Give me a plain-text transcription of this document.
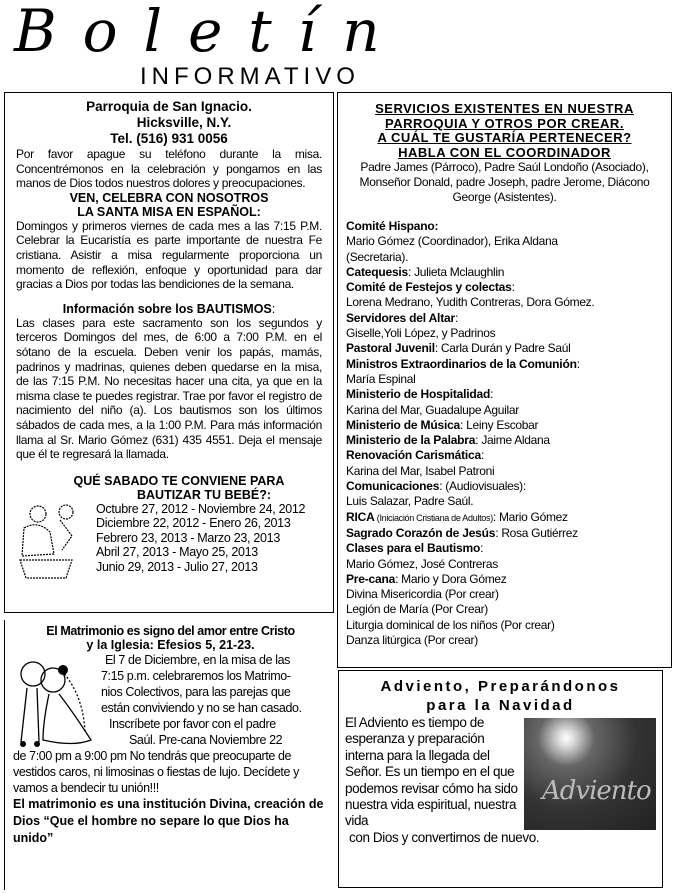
Boletín
INFORMATIVO
Parroquia de San Ignacio.
Hicksville, N.Y.
Tel. (516) 931 0056
Por favor apague su teléfono durante la misa. Concentrémonos en la celebración y pongamos en las manos de Dios todos nuestros dolores y preocupaciones.
VEN, CELEBRA CON NOSOTROS
LA SANTA MISA EN ESPAÑOL:
Domingos y primeros viernes de cada mes a las 7:15 P.M. Celebrar la Eucaristía es parte importante de nuestra Fe cristiana. Asistir a misa regularmente proporciona un momento de reflexión, enfoque y oportunidad para dar gracias a Dios por todas las bendiciones de la semana.
Información sobre los BAUTISMOS:
Las clases para este sacramento son los segundos y terceros Domingos del mes, de 6:00 a 7:00 P.M. en el sótano de la escuela. Deben venir los papás, mamás, padrinos y madrinas, quienes deben quedarse en la misa, de las 7:15 P.M. No necesitas hacer una cita, ya que en la misma clase te puedes registrar. Trae por favor el registro de nacimiento del niño (a). Los bautismos son los últimos sábados de cada mes, a la 1:00 P.M. Para más información llama al Sr. Mario Gómez (631) 435 4551. Deja el mensaje que él te regresará la llamada.
QUÉ SABADO TE CONVIENE PARA
BAUTIZAR TU BEBÉ?:
Octubre 27, 2012 - Noviembre 24, 2012
Diciembre 22, 2012 - Enero 26, 2013
Febrero 23, 2013 - Marzo 23, 2013
Abril 27, 2013 - Mayo 25, 2013
Junio 29, 2013 - Julio 27, 2013
El Matrimonio es signo del amor entre Cristo
y la Iglesia: Efesios 5, 21-23.
El 7 de Diciembre, en la misa de las
7:15 p.m. celebraremos los Matrimo-
nios Colectivos, para las parejas que
están conviviendo y no se han casado.
Inscríbete por favor con el padre
Saúl. Pre-cana Noviembre 22
de 7:00 pm a 9:00 pm No tendrás que preocuparte de vestidos caros, ni limosinas o fiestas de lujo. Decídete y vamos a bendecir tu unión!!!
El matrimonio es una institución Divina, creación de Dios “Que el hombre no separe lo que Dios ha unido”
SERVICIOS EXISTENTES EN NUESTRA
PARROQUIA Y OTROS POR CREAR.
A CUÁL TE GUSTARÍA PERTENECER?
HABLA CON EL COORDINADOR
Padre James (Párroco), Padre Saúl Londoño (Asociado), Monseñor Donald, padre Joseph, padre Jerome, Diácono George (Asistentes).
Comité Hispano:
Mario Gómez (Coordinador), Erika Aldana
(Secretaria).
Catequesis: Julieta Mclaughlin
Comité de Festejos y colectas:
Lorena Medrano, Yudith Contreras, Dora Gómez.
Servidores del Altar:
Giselle,Yoli López, y Padrinos
Pastoral Juvenil: Carla Durán y Padre Saúl
Ministros Extraordinarios de la Comunión:
María Espinal
Ministerio de Hospitalidad:
Karina del Mar, Guadalupe Aguilar
Ministerio de Música: Leiny Escobar
Ministerio de la Palabra: Jaime Aldana
Renovación Carismática:
Karina del Mar, Isabel Patroni
Comunicaciones: (Audiovisuales):
Luis Salazar, Padre Saúl.
RICA (Iniciación Cristiana de Adultos): Mario Gómez
Sagrado Corazón de Jesús: Rosa Gutiérrez
Clases para el Bautismo:
Mario Gómez, José Contreras
Pre-cana: Mario y Dora Gómez
Divina Misericordia (Por crear)
Legión de María (Por Crear)
Liturgia dominical de los niños (Por crear)
Danza litúrgica (Por crear)
Adviento, Preparándonos
para la Navidad
Adviento
El Adviento es tiempo de esperanza y preparación interna para la llegada del Señor. Es un tiempo en el que podemos revisar cómo ha sido nuestra vida espiritual, nuestra vida
con Dios y convertirnos de nuevo.
